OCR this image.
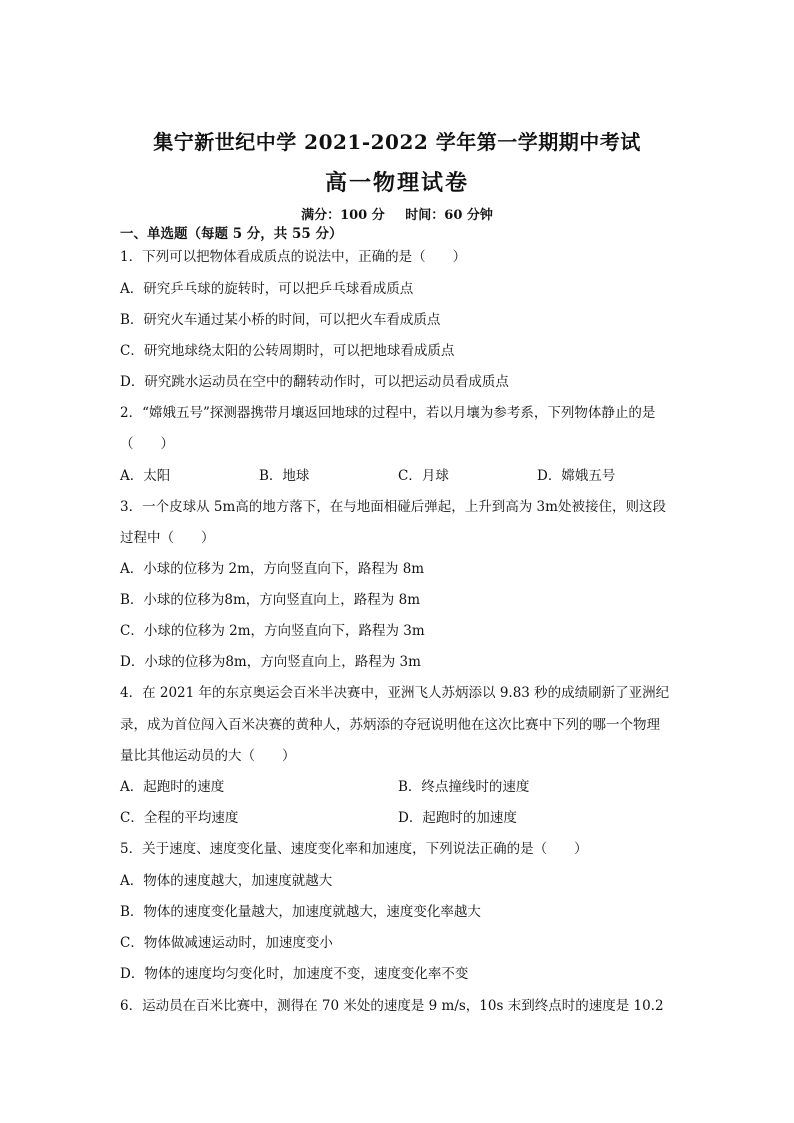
集宁新世纪中学 2021-2022 学年第一学期期中考试
高一物理试卷
满分：100 分 时间：60 分钟
一、单选题（每题 5 分，共 55 分）
1．下列可以把物体看成质点的说法中，正确的是（　　）
A．研究乒乓球的旋转时，可以把乒乓球看成质点
B．研究火车通过某小桥的时间，可以把火车看成质点
C．研究地球绕太阳的公转周期时，可以把地球看成质点
D．研究跳水运动员在空中的翻转动作时，可以把运动员看成质点
2．“嫦娥五号”探测器携带月壤返回地球的过程中，若以月壤为参考系，下列物体静止的是
（　　）
A．太阳	B．地球	C．月球	D．嫦娥五号
3．一个皮球从 5m高的地方落下，在与地面相碰后弹起，上升到高为 3m处被接住，则这段
过程中（　　）
A．小球的位移为 2m，方向竖直向下，路程为 8m
B．小球的位移为8m，方向竖直向上，路程为 8m
C．小球的位移为 2m，方向竖直向下，路程为 3m
D．小球的位移为8m，方向竖直向上，路程为 3m
4．在 2021 年的东京奥运会百米半决赛中，亚洲飞人苏炳添以 9.83 秒的成绩刷新了亚洲纪
录，成为首位闯入百米决赛的黄种人，苏炳添的夺冠说明他在这次比赛中下列的哪一个物理
量比其他运动员的大（　　）
A．起跑时的速度	B．终点撞线时的速度
C．全程的平均速度	D．起跑时的加速度
5．关于速度、速度变化量、速度变化率和加速度，下列说法正确的是（　　）
A．物体的速度越大，加速度就越大
B．物体的速度变化量越大，加速度就越大，速度变化率越大
C．物体做减速运动时，加速度变小
D．物体的速度均匀变化时，加速度不变，速度变化率不变
6．运动员在百米比赛中，测得在 70 米处的速度是 9 m/s，10s 末到终点时的速度是 10.2
